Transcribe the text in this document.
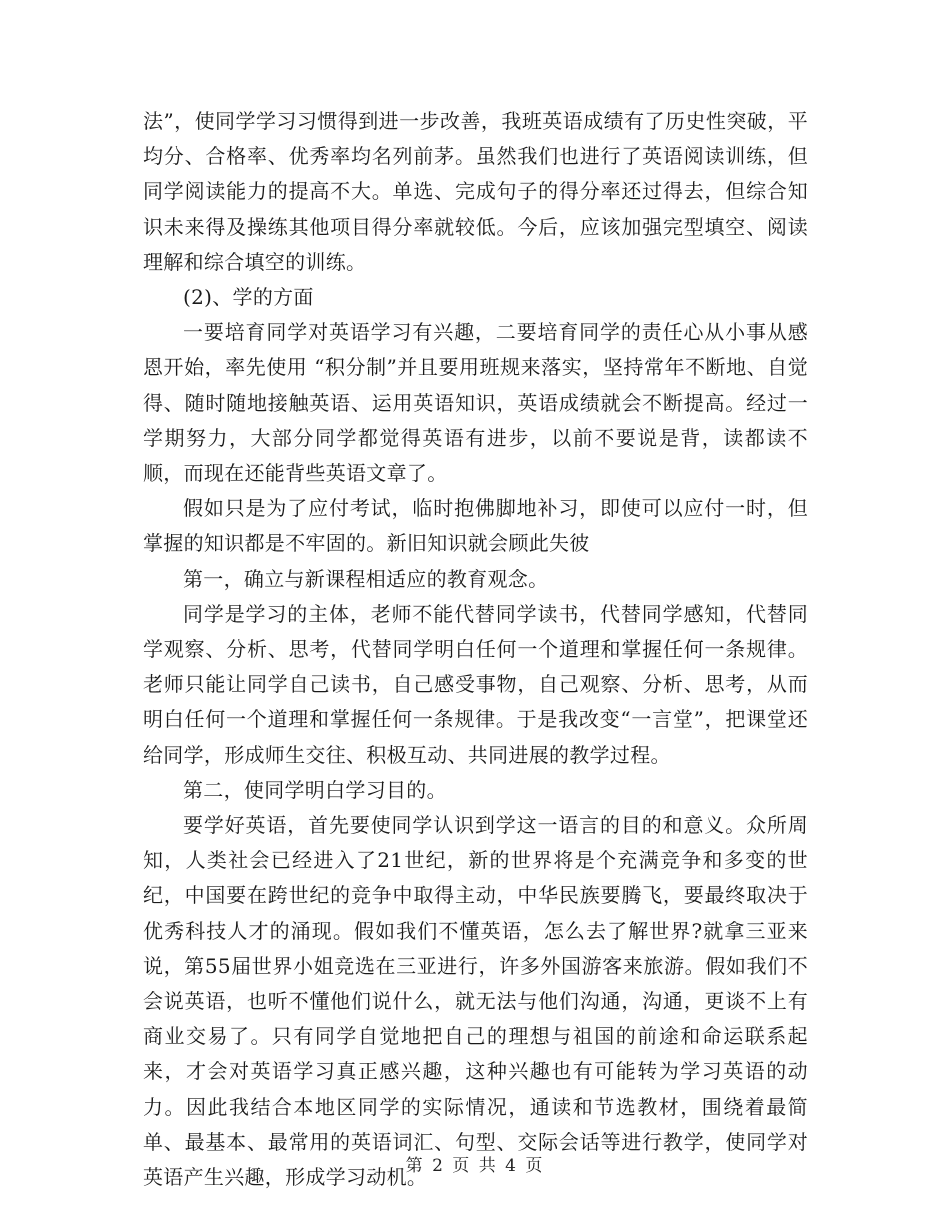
法”，使同学学习习惯得到进一步改善，我班英语成绩有了历史性突破，平均分、合格率、优秀率均名列前茅。虽然我们也进行了英语阅读训练，但同学阅读能力的提高不大。单选、完成句子的得分率还过得去，但综合知识未来得及操练其他项目得分率就较低。今后，应该加强完型填空、阅读理解和综合填空的训练。

(2)、学的方面

一要培育同学对英语学习有兴趣，二要培育同学的责任心从小事从感恩开始，率先使用 “积分制”并且要用班规来落实，坚持常年不断地、自觉得、随时随地接触英语、运用英语知识，英语成绩就会不断提高。经过一学期努力，大部分同学都觉得英语有进步，以前不要说是背，读都读不顺，而现在还能背些英语文章了。

假如只是为了应付考试，临时抱佛脚地补习，即使可以应付一时，但掌握的知识都是不牢固的。新旧知识就会顾此失彼

第一，确立与新课程相适应的教育观念。

同学是学习的主体，老师不能代替同学读书，代替同学感知，代替同学观察、分析、思考，代替同学明白任何一个道理和掌握任何一条规律。老师只能让同学自己读书，自己感受事物，自己观察、分析、思考，从而明白任何一个道理和掌握任何一条规律。于是我改变“一言堂”，把课堂还给同学，形成师生交往、积极互动、共同进展的教学过程。

第二，使同学明白学习目的。

要学好英语，首先要使同学认识到学这一语言的目的和意义。众所周知，人类社会已经进入了21世纪，新的世界将是个充满竞争和多变的世纪，中国要在跨世纪的竞争中取得主动，中华民族要腾飞，要最终取决于优秀科技人才的涌现。假如我们不懂英语，怎么去了解世界?就拿三亚来说，第55届世界小姐竞选在三亚进行，许多外国游客来旅游。假如我们不会说英语，也听不懂他们说什么，就无法与他们沟通，沟通，更谈不上有商业交易了。只有同学自觉地把自己的理想与祖国的前途和命运联系起来，才会对英语学习真正感兴趣，这种兴趣也有可能转为学习英语的动力。因此我结合本地区同学的实际情况，通读和节选教材，围绕着最简单、最基本、最常用的英语词汇、句型、交际会话等进行教学，使同学对英语产生兴趣，形成学习动机。

第 2 页 共 4 页
